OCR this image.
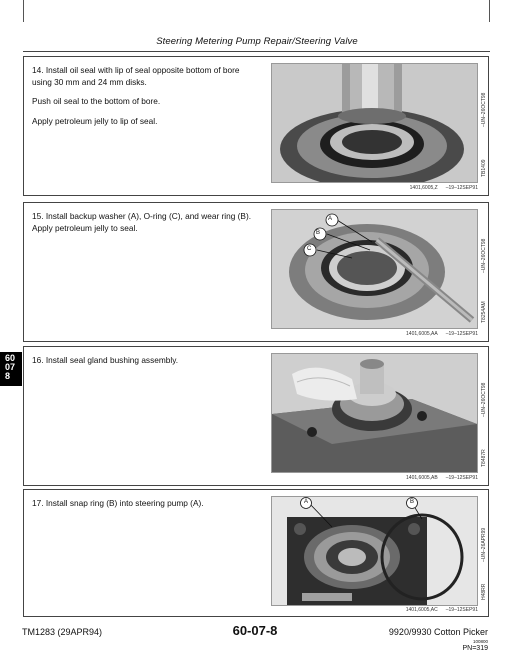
Steering Metering Pump Repair/Steering Valve

14. Install oil seal with lip of seal opposite bottom of bore using 30 mm and 24 mm disks.

Push oil seal to the bottom of bore.

Apply petroleum jelly to lip of seal.

TB1409
–UN–26OCT98
1401,6005,Z –19–12SEP91

15. Install backup washer (A), O-ring (C), and wear ring (B). Apply petroleum jelly to seal.

A
B
C
T8254AM
–UN–26OCT98
1401,6005,AA –19–12SEP91

16. Install seal gland bushing assembly.

T8487R
–UN–26OCT98
1401,6005,AB –19–12SEP91

17. Install snap ring (B) into steering pump (A).	A	B
H48RR
–UN–26APR99
1401,6005,AC –19–12SEP91
60
07
8
TM1283 (29APR94)	60-07-8	9920/9930 Cotton Picker
100800
PN=319
